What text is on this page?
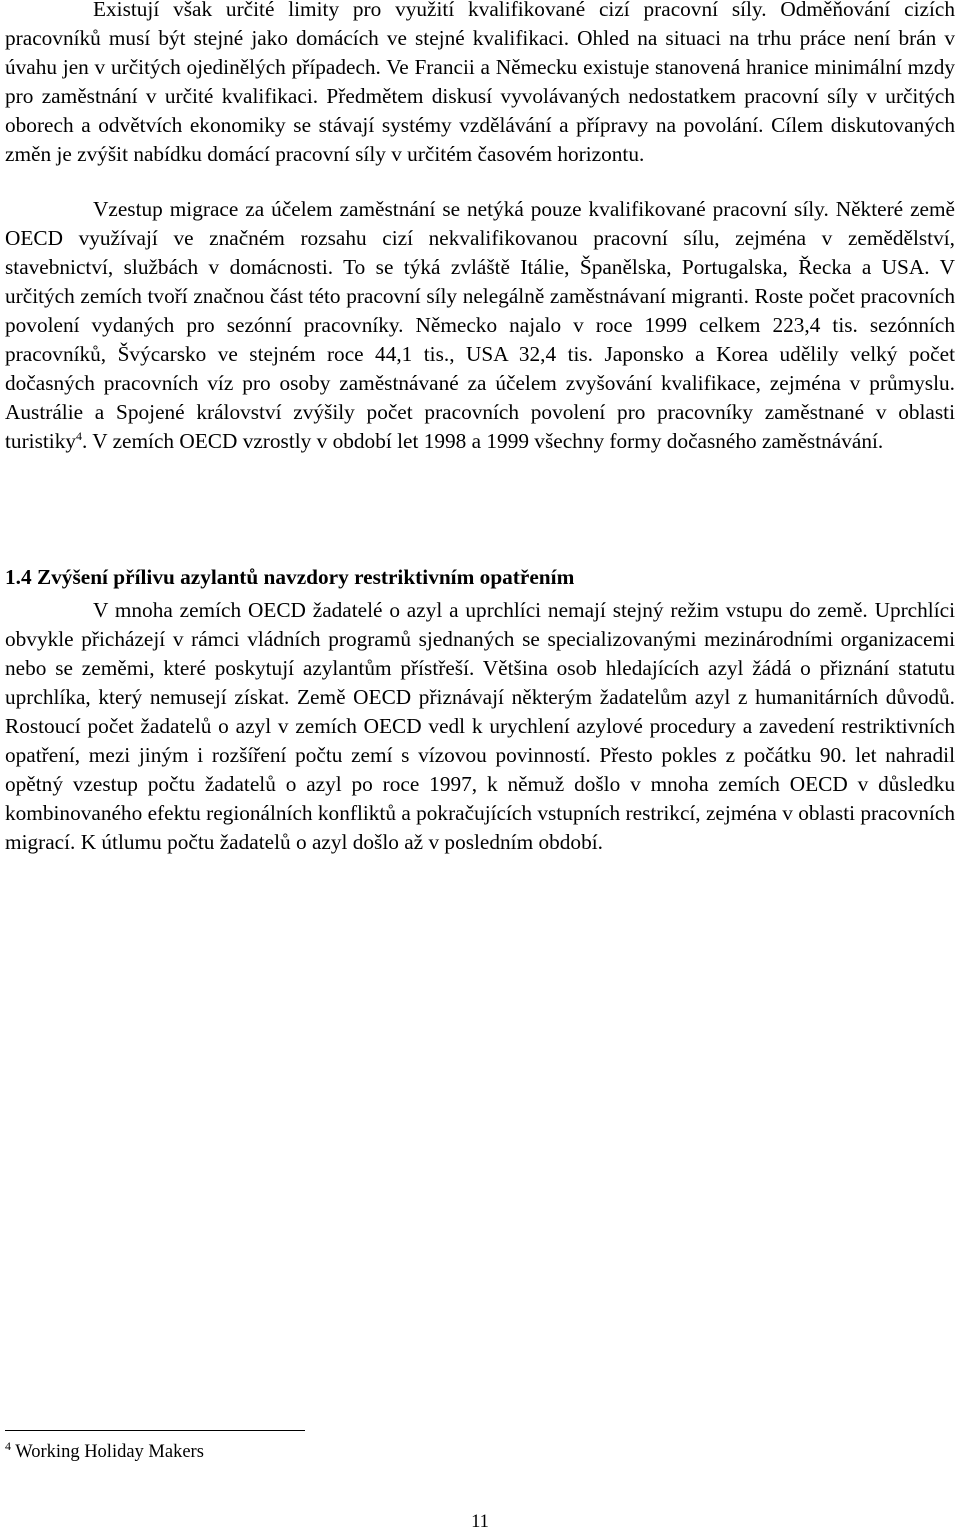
Existují však určité limity pro využití kvalifikované cizí pracovní síly. Odměňování cizích pracovníků musí být stejné jako domácích ve stejné kvalifikaci. Ohled na situaci na trhu práce není brán v úvahu jen v určitých ojedinělých případech. Ve Francii a Německu existuje stanovená hranice minimální mzdy pro zaměstnání v určité kvalifikaci. Předmětem diskusí vyvolávaných nedostatkem pracovní síly v určitých oborech a odvětvích ekonomiky se stávají systémy vzdělávání a přípravy na povolání. Cílem diskutovaných změn je zvýšit nabídku domácí pracovní síly v určitém časovém horizontu.

Vzestup migrace za účelem zaměstnání se netýká pouze kvalifikované pracovní síly. Některé země OECD využívají ve značném rozsahu cizí nekvalifikovanou pracovní sílu, zejména v zemědělství, stavebnictví, službách v domácnosti. To se týká zvláště Itálie, Španělska, Portugalska, Řecka a USA. V určitých zemích tvoří značnou část této pracovní síly nelegálně zaměstnávaní migranti. Roste počet pracovních povolení vydaných pro sezónní pracovníky. Německo najalo v roce 1999 celkem 223,4 tis. sezónních pracovníků, Švýcarsko ve stejném roce 44,1 tis., USA 32,4 tis. Japonsko a Korea udělily velký počet dočasných pracovních víz pro osoby zaměstnávané za účelem zvyšování kvalifikace, zejména v průmyslu. Austrálie a Spojené království zvýšily počet pracovních povolení pro pracovníky zaměstnané v oblasti turistiky$^4$. V zemích OECD vzrostly v období let 1998 a 1999 všechny formy dočasného zaměstnávání.

1.4 Zvýšení přílivu azylantů navzdory restriktivním opatřením

V mnoha zemích OECD žadatelé o azyl a uprchlíci nemají stejný režim vstupu do země. Uprchlíci obvykle přicházejí v rámci vládních programů sjednaných se specializovanými mezinárodními organizacemi nebo se zeměmi, které poskytují azylantům přístřeší. Většina osob hledajících azyl žádá o přiznání statutu uprchlíka, který nemusejí získat. Země OECD přiznávají některým žadatelům azyl z humanitárních důvodů. Rostoucí počet žadatelů o azyl v zemích OECD vedl k urychlení azylové procedury a zavedení restriktivních opatření, mezi jiným i rozšíření počtu zemí s vízovou povinností. Přesto pokles z počátku 90. let nahradil opětný vzestup počtu žadatelů o azyl po roce 1997, k němuž došlo v mnoha zemích OECD v důsledku kombinovaného efektu regionálních konfliktů a pokračujících vstupních restrikcí, zejména v oblasti pracovních migrací. K útlumu počtu žadatelů o azyl došlo až v posledním období.

$^4$ Working Holiday Makers

11
